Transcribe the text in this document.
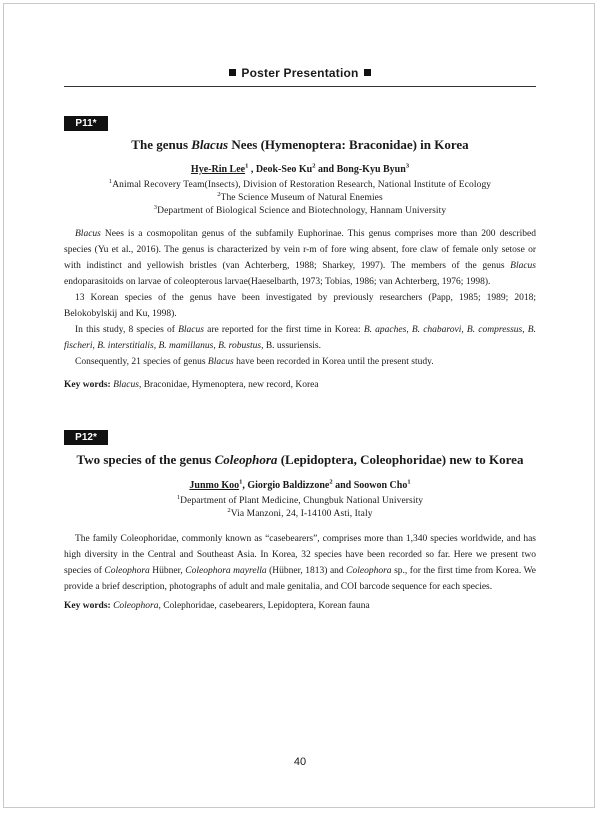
Poster Presentation
P11*
The genus Blacus Nees (Hymenoptera: Braconidae) in Korea
Hye-Rin Lee$^1$ , Deok-Seo Ku$^2$ and Bong-Kyu Byun$^3$
$^1$Animal Recovery Team(Insects), Division of Restoration Research, National Institute of Ecology
$^2$The Science Museum of Natural Enemies
$^3$Department of Biological Science and Biotechnology, Hannam University

Blacus Nees is a cosmopolitan genus of the subfamily Euphorinae. This genus comprises more than 200 described species (Yu et al., 2016). The genus is characterized by vein r-m of fore wing absent, fore claw of female only setose or with indistinct and yellowish bristles (van Achterberg, 1988; Sharkey, 1997). The members of the genus Blacus endoparasitoids on larvae of coleopterous larvae(Haeselbarth, 1973; Tobias, 1986; van Achterberg, 1976; 1998).

13 Korean species of the genus have been investigated by previously researchers (Papp, 1985; 1989; 2018; Belokobylskij and Ku, 1998).

In this study, 8 species of Blacus are reported for the first time in Korea: B. apaches, B. chabarovi, B. compressus, B. fischeri, B. interstitialis, B. mamillanus, B. robustus, B. ussuriensis.

Consequently, 21 species of genus Blacus have been recorded in Korea until the present study.

Key words: Blacus, Braconidae, Hymenoptera, new record, Korea
P12*
Two species of the genus Coleophora (Lepidoptera, Coleophoridae) new to Korea
Junmo Koo$^1$, Giorgio Baldizzone$^2$ and Soowon Cho$^1$
$^1$Department of Plant Medicine, Chungbuk National University
$^2$Via Manzoni, 24, I-14100 Asti, Italy

The family Coleophoridae, commonly known as “casebearers”, comprises more than 1,340 species worldwide, and has high diversity in the Central and Southeast Asia. In Korea, 32 species have been recorded so far. Here we present two species of Coleophora Hübner, Coleophora mayrella (Hübner, 1813) and Coleophora sp., for the first time from Korea. We provide a brief description, photographs of adult and male genitalia, and COI barcode sequence for each species.

Key words: Coleophora, Colephoridae, casebearers, Lepidoptera, Korean fauna
40
